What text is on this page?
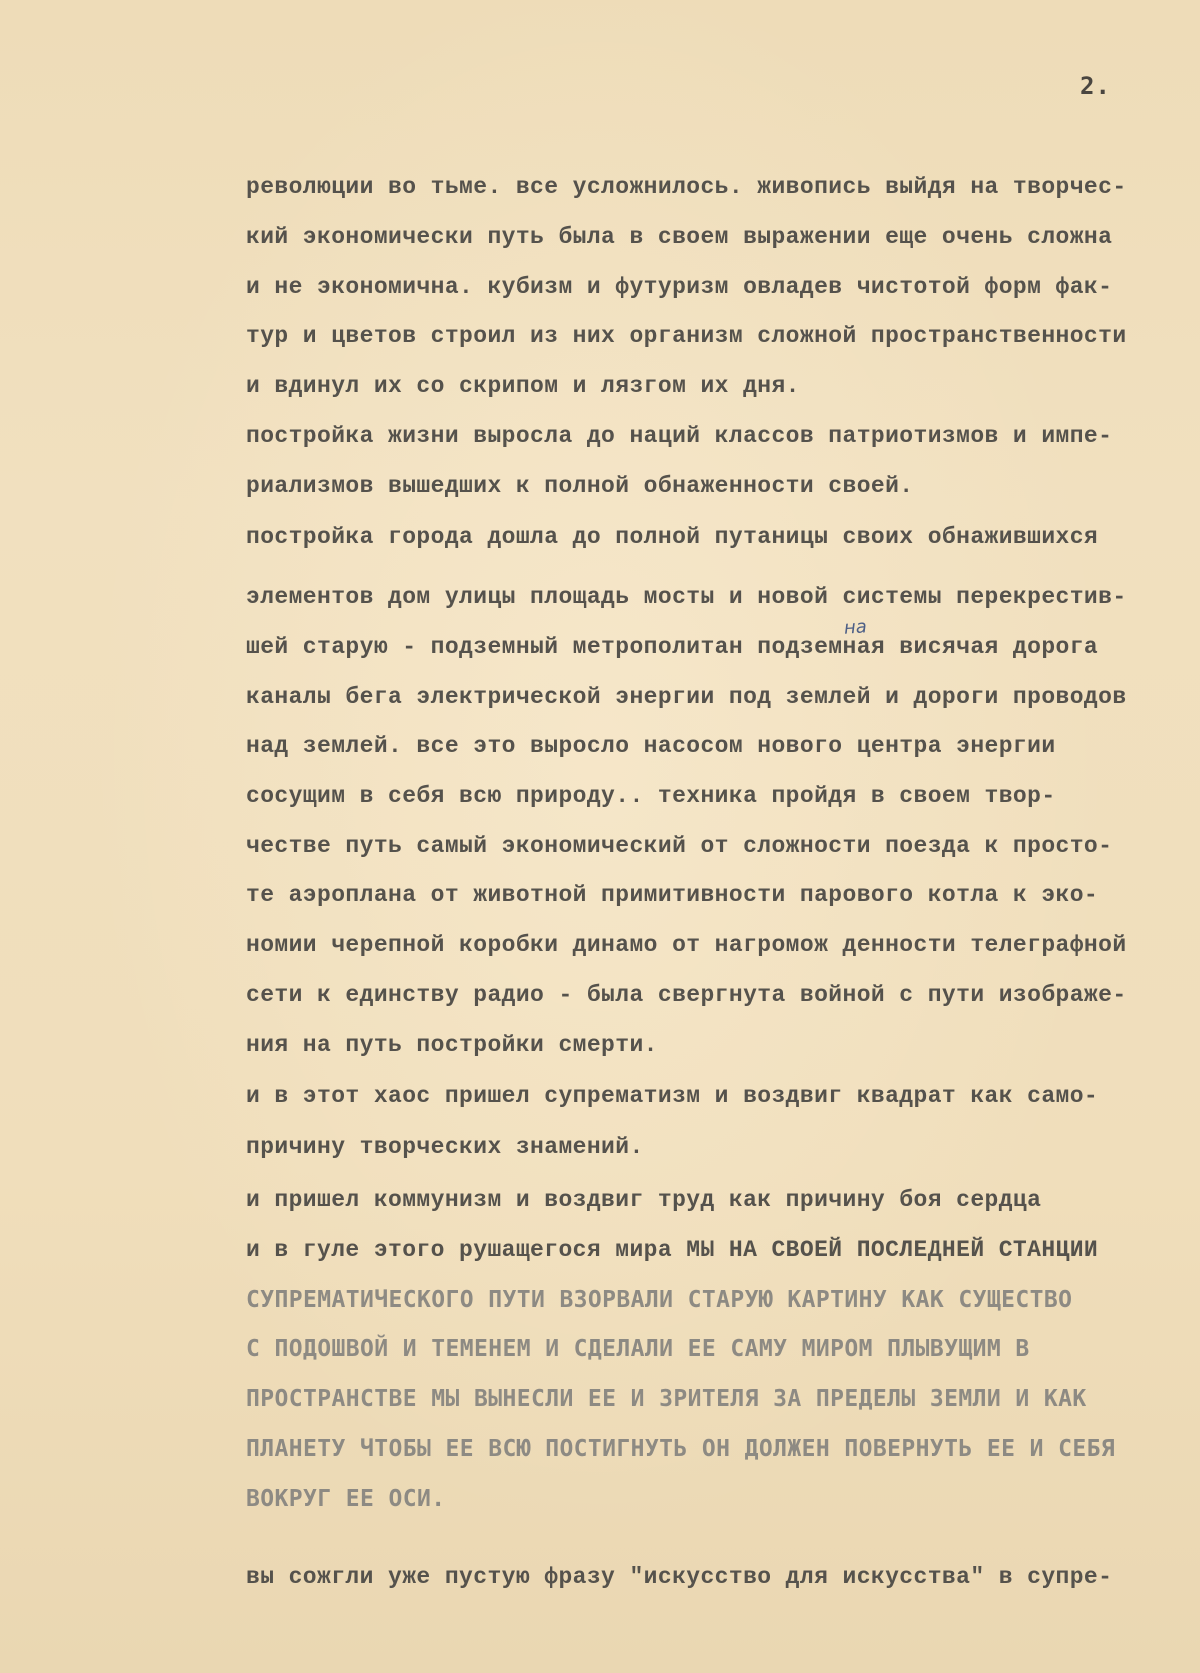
2.
революции во тьме. все усложнилось. живопись выйдя на творчес-
кий экономически путь была в своем выражении еще очень сложна
и не экономична. кубизм и футуризм овладев чистотой форм фак-
тур и цветов строил из них организм сложной пространственности
и вдинул их со скрипом и лязгом их дня.
постройка жизни выросла до наций классов патриотизмов и импе-
риализмов вышедших к полной обнаженности своей.
постройка города дошла до полной путаницы своих обнажившихся
элементов дом улицы площадь мосты и новой системы перекрестив-
на
шей старую - подземный метрополитан подземная висячая дорога
каналы бега электрической энергии под землей и дороги проводов
над землей. все это выросло насосом нового центра энергии
сосущим в себя всю природу.. техника пройдя в своем твор-
честве путь самый экономический от сложности поезда к просто-
те аэроплана от животной примитивности парового котла к эко-
номии черепной коробки динамо от нагромож денности телеграфной
сети к единству радио - была свергнута войной с пути изображе-
ния на путь постройки смерти.
и в этот хаос пришел супрематизм и воздвиг квадрат как само-
причину творческих знамений.
и пришел коммунизм и воздвиг труд как причину боя сердца
и в гуле этого рушащегося мира МЫ НА СВОЕЙ ПОСЛЕДНЕЙ СТАНЦИИ
СУПРЕМАТИЧЕСКОГО ПУТИ ВЗОРВАЛИ СТАРУЮ КАРТИНУ КАК СУЩЕСТВО
С ПОДОШВОЙ И ТЕМЕНЕМ И СДЕЛАЛИ ЕЕ САМУ МИРОМ ПЛЫВУЩИМ В
ПРОСТРАНСТВЕ МЫ ВЫНЕСЛИ ЕЕ И ЗРИТЕЛЯ ЗА ПРЕДЕЛЫ ЗЕМЛИ И КАК
ПЛАНЕТУ ЧТОБЫ ЕЕ ВСЮ ПОСТИГНУТЬ ОН ДОЛЖЕН ПОВЕРНУТЬ ЕЕ И СЕБЯ
ВОКРУГ ЕЕ ОСИ.
вы сожгли уже пустую фразу "искусство для искусства" в супре-
